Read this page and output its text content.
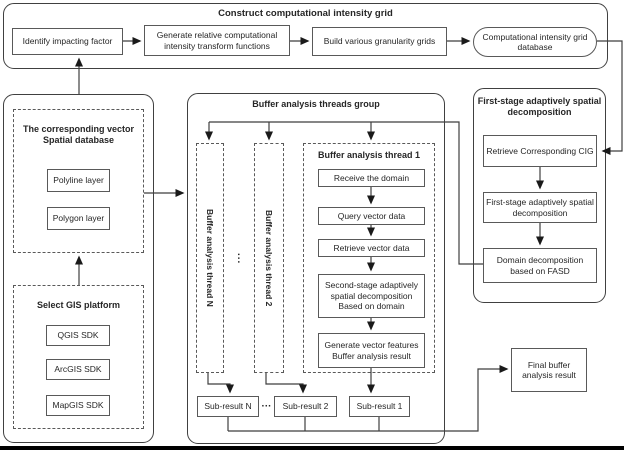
Construct computational intensity grid
Identify impacting factor
Generate relative computational intensity transform functions	Build various granularity grids	Computational intensity grid database
The corresponding vector Spatial database
Polyline layer
Polygon layer
Select GIS platform
QGIS SDK
ArcGIS SDK
MapGIS SDK
Buffer analysis threads group
Buffer analysis thread N	... Buffer analysis thread 2
Buffer analysis thread 1
Receive the domain
Query vector data
Retrieve vector data
Second-stage adaptively spatial decomposition Based on domain
Generate vector features Buffer analysis result
Sub-result N ···	Sub-result 2	Sub-result 1
First-stage adaptively spatial decomposition
Retrieve Corresponding CIG
First-stage adaptively spatial decomposition
Domain decomposition based on FASD
Final buffer analysis result
